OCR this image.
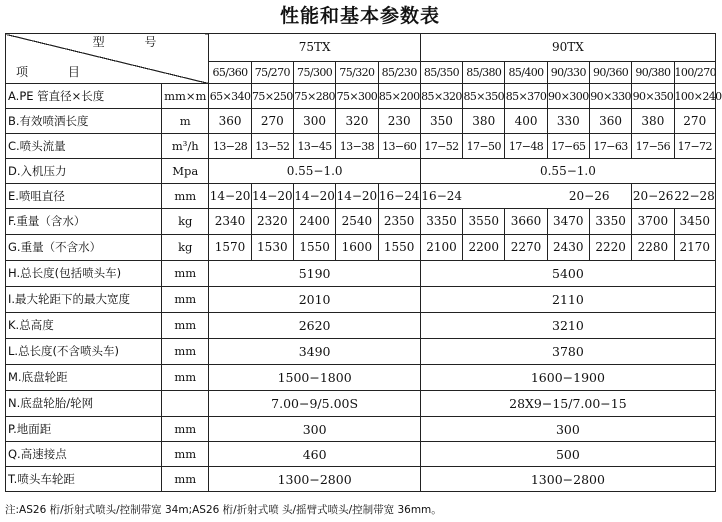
性能和基本参数表
型 号
项 目		75TX					90TX						
		65/360	75/270	75/300	75/320	85/230	85/350	85/380	85/400	90/330	90/360	90/380	100/270
A.PE 管直径×长度	mm×m	65×340	75×250	75×280	75×300	85×200	85×320	85×350	85×370	90×300	90×330	90×350	100×240
B.有效喷洒长度	m	360	270	300	320	230	350	380	400	330	360	380	270
C.喷头流量	m³/h	13−28	13−52	13−45	13−38	13−60	17−52	17−50	17−48	17−65	17−63	17−56	17−72
D.入机压力	Mpa	0.55−1.0					0.55−1.0						
E.喷咀直径	mm	14−20	14−20	14−20	14−20	16−24	16−24			20−26		20−26	22−28
F.重量（含水）	kg	2340	2320	2400	2540	2350	3350	3550	3660	3470	3350	3700	3450
G.重量（不含水）	kg	1570	1530	1550	1600	1550	2100	2200	2270	2430	2220	2280	2170
H.总长度(包括喷头车)	mm	5190					5400						
I.最大轮距下的最大宽度	mm	2010					2110						
K.总高度	mm	2620					3210						
L.总长度(不含喷头车)	mm	3490					3780						
M.底盘轮距	mm	1500−1800					1600−1900						
N.底盘轮胎/轮网		7.00−9/5.00S					28X9−15/7.00−15						
P.地面距	mm	300					300						
Q.高速接点	mm	460					500						
T.喷头车轮距	mm	1300−2800					1300−2800						
注:AS26 桁/折射式喷头/控制带宽 34m;AS26 桁/折射式喷 头/摇臂式喷头/控制带宽 36mm。
